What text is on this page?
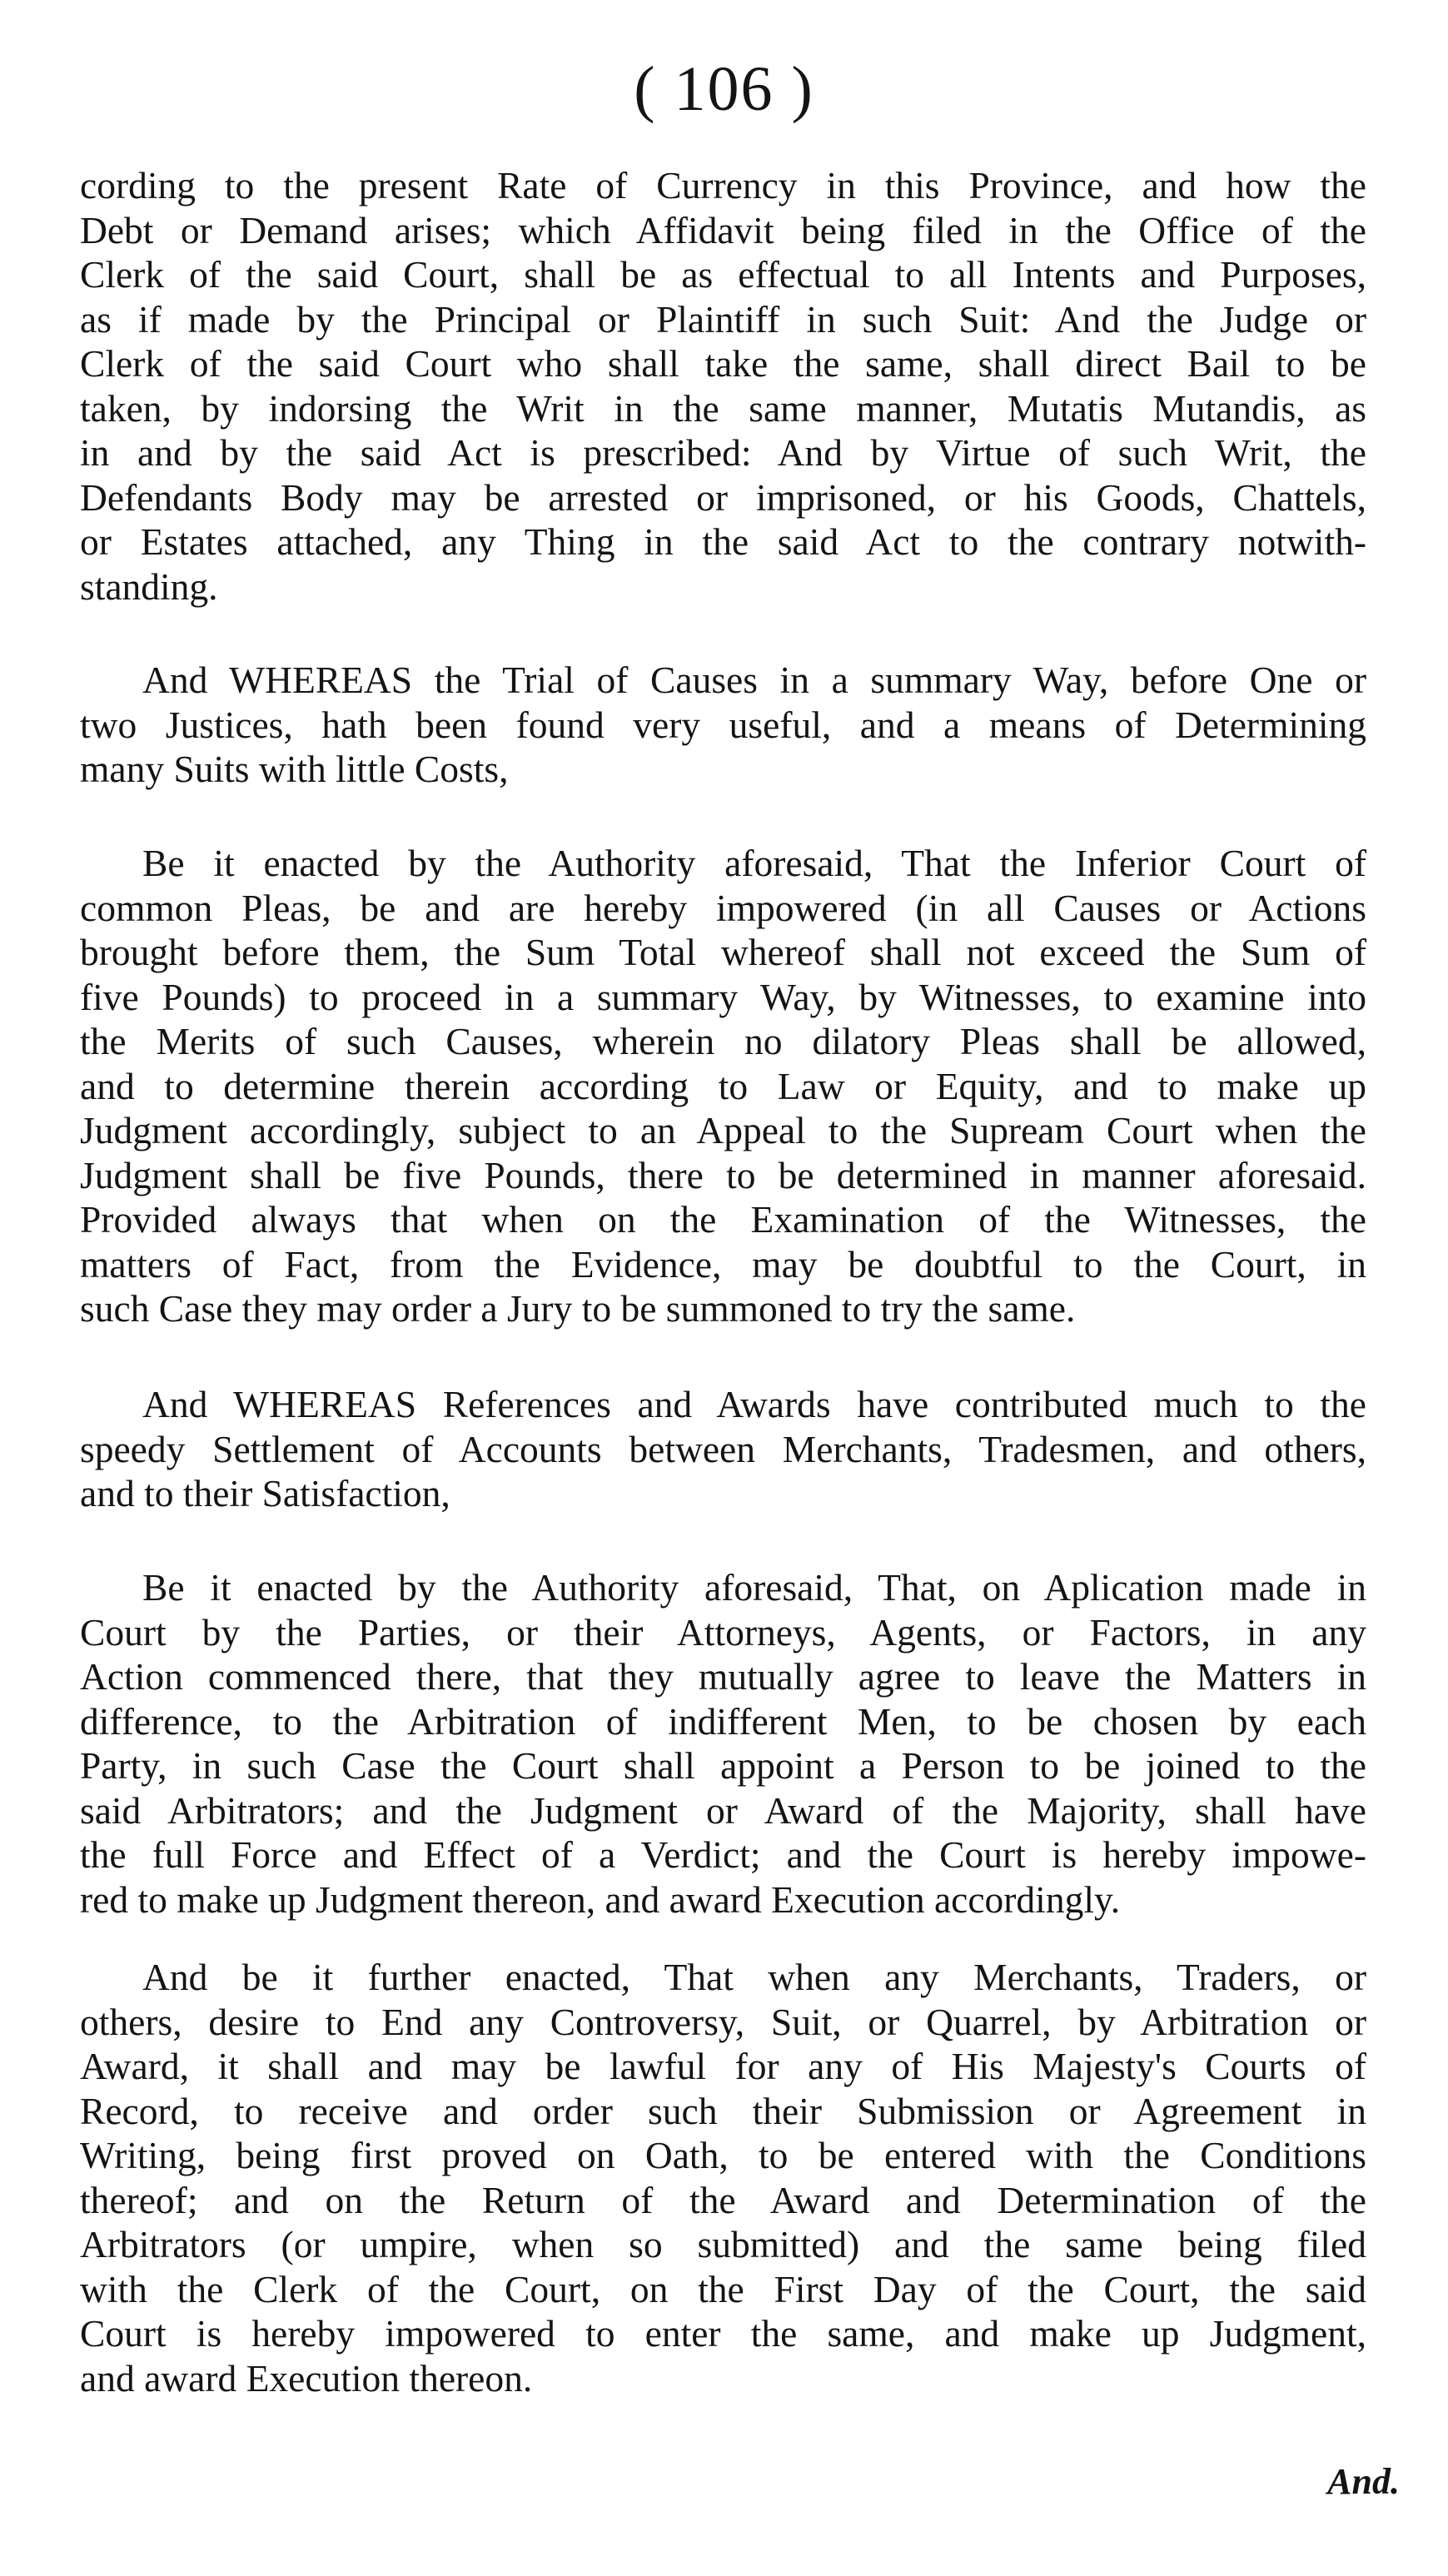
( 106 )
cording to the present Rate of Currency in this Province, and how the
Debt or Demand arises; which Affidavit being filed in the Office of the
Clerk of the said Court, shall be as effectual to all Intents and Purposes,
as if made by the Principal or Plaintiff in such Suit: And the Judge or
Clerk of the said Court who shall take the same, shall direct Bail to be
taken, by indorsing the Writ in the same manner, Mutatis Mutandis, as
in and by the said Act is prescribed: And by Virtue of such Writ, the
Defendants Body may be arrested or imprisoned, or his Goods, Chattels,
or Estates attached, any Thing in the said Act to the contrary notwith-
standing.
And WHEREAS the Trial of Causes in a summary Way, before One or
two Justices, hath been found very useful, and a means of Determining
many Suits with little Costs,
Be it enacted by the Authority aforesaid, That the Inferior Court of
common Pleas, be and are hereby impowered (in all Causes or Actions
brought before them, the Sum Total whereof shall not exceed the Sum of
five Pounds) to proceed in a summary Way, by Witnesses, to examine into
the Merits of such Causes, wherein no dilatory Pleas shall be allowed,
and to determine therein according to Law or Equity, and to make up
Judgment accordingly, subject to an Appeal to the Supream Court when the
Judgment shall be five Pounds, there to be determined in manner aforesaid.
Provided always that when on the Examination of the Witnesses, the
matters of Fact, from the Evidence, may be doubtful to the Court, in
such Case they may order a Jury to be summoned to try the same.
And WHEREAS References and Awards have contributed much to the
speedy Settlement of Accounts between Merchants, Tradesmen, and others,
and to their Satisfaction,
Be it enacted by the Authority aforesaid, That, on Aplication made in
Court by the Parties, or their Attorneys, Agents, or Factors, in any
Action commenced there, that they mutually agree to leave the Matters in
difference, to the Arbitration of indifferent Men, to be chosen by each
Party, in such Case the Court shall appoint a Person to be joined to the
said Arbitrators; and the Judgment or Award of the Majority, shall have
the full Force and Effect of a Verdict; and the Court is hereby impowe-
red to make up Judgment thereon, and award Execution accordingly.
And be it further enacted, That when any Merchants, Traders, or
others, desire to End any Controversy, Suit, or Quarrel, by Arbitration or
Award, it shall and may be lawful for any of His Majesty's Courts of
Record, to receive and order such their Submission or Agreement in
Writing, being first proved on Oath, to be entered with the Conditions
thereof; and on the Return of the Award and Determination of the
Arbitrators (or umpire, when so submitted) and the same being filed
with the Clerk of the Court, on the First Day of the Court, the said
Court is hereby impowered to enter the same, and make up Judgment,
and award Execution thereon.
And.
